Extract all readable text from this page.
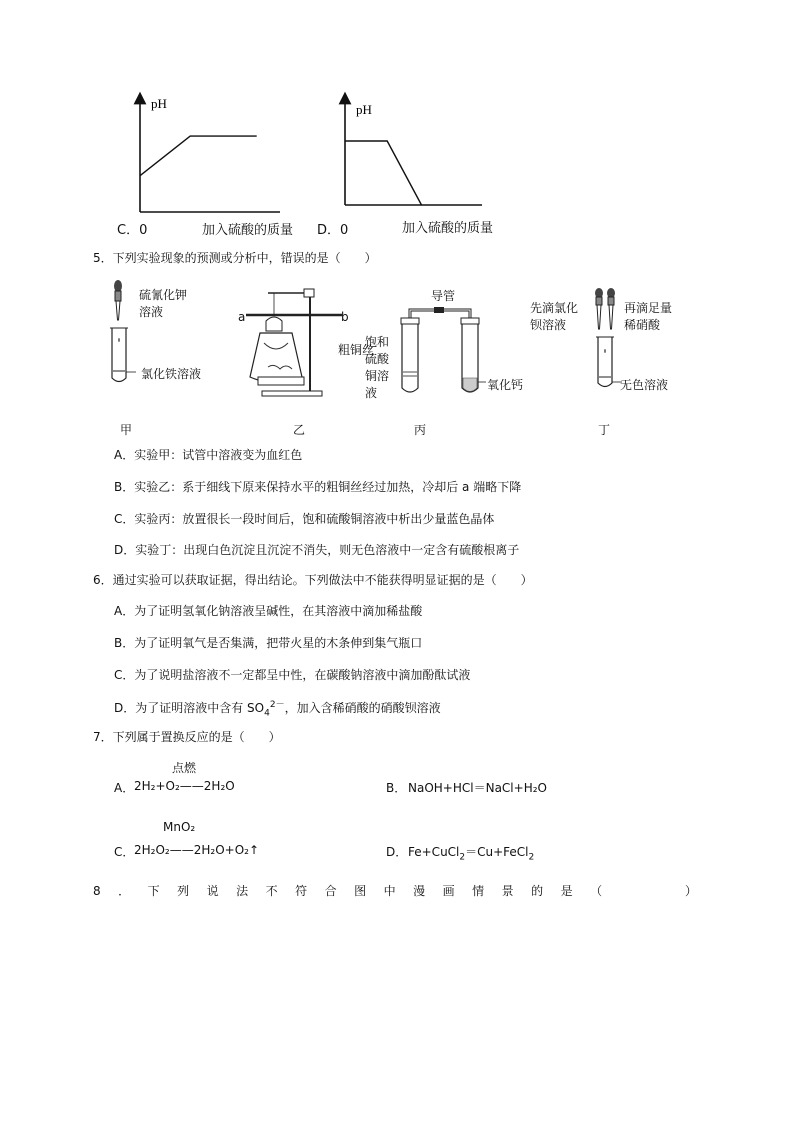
pH
C．0	加入硫酸的质量
pH
D．0	加入硫酸的质量
5．下列实验现象的预测或分析中，错误的是（　　）
硫氰化钾
溶液
氯化铁溶液
甲
a	b
粗铜丝
乙
导管
饱和
硫酸
铜溶
液
氧化钙
丙
先滴氯化
钡溶液
再滴足量
稀硝酸
无色溶液
丁
A．实验甲：试管中溶液变为血红色
B．实验乙：系于细线下原来保持水平的粗铜丝经过加热，冷却后 a 端略下降
C．实验丙：放置很长一段时间后，饱和硫酸铜溶液中析出少量蓝色晶体
D．实验丁：出现白色沉淀且沉淀不消失，则无色溶液中一定含有硫酸根离子
6．通过实验可以获取证据，得出结论。下列做法中不能获得明显证据的是（　　）
A．为了证明氢氧化钠溶液呈碱性，在其溶液中滴加稀盐酸
B．为了证明氧气是否集满，把带火星的木条伸到集气瓶口
C．为了说明盐溶液不一定都呈中性，在碳酸钠溶液中滴加酚酞试液
D．为了证明溶液中含有 $SO_4^{2-}$，加入含稀硝酸的硝酸钡溶液
7．下列属于置换反应的是（　　）
点燃
A． 2H₂+O₂——2H₂O	B． NaOH+HCl＝NaCl+H₂O
MnO₂
C． 2H₂O₂——2H₂O+O₂↑	D． Fe+CuCl$_2$＝Cu+FeCl$_2$
8．下列说法不符合图中漫画情景的是（	）
